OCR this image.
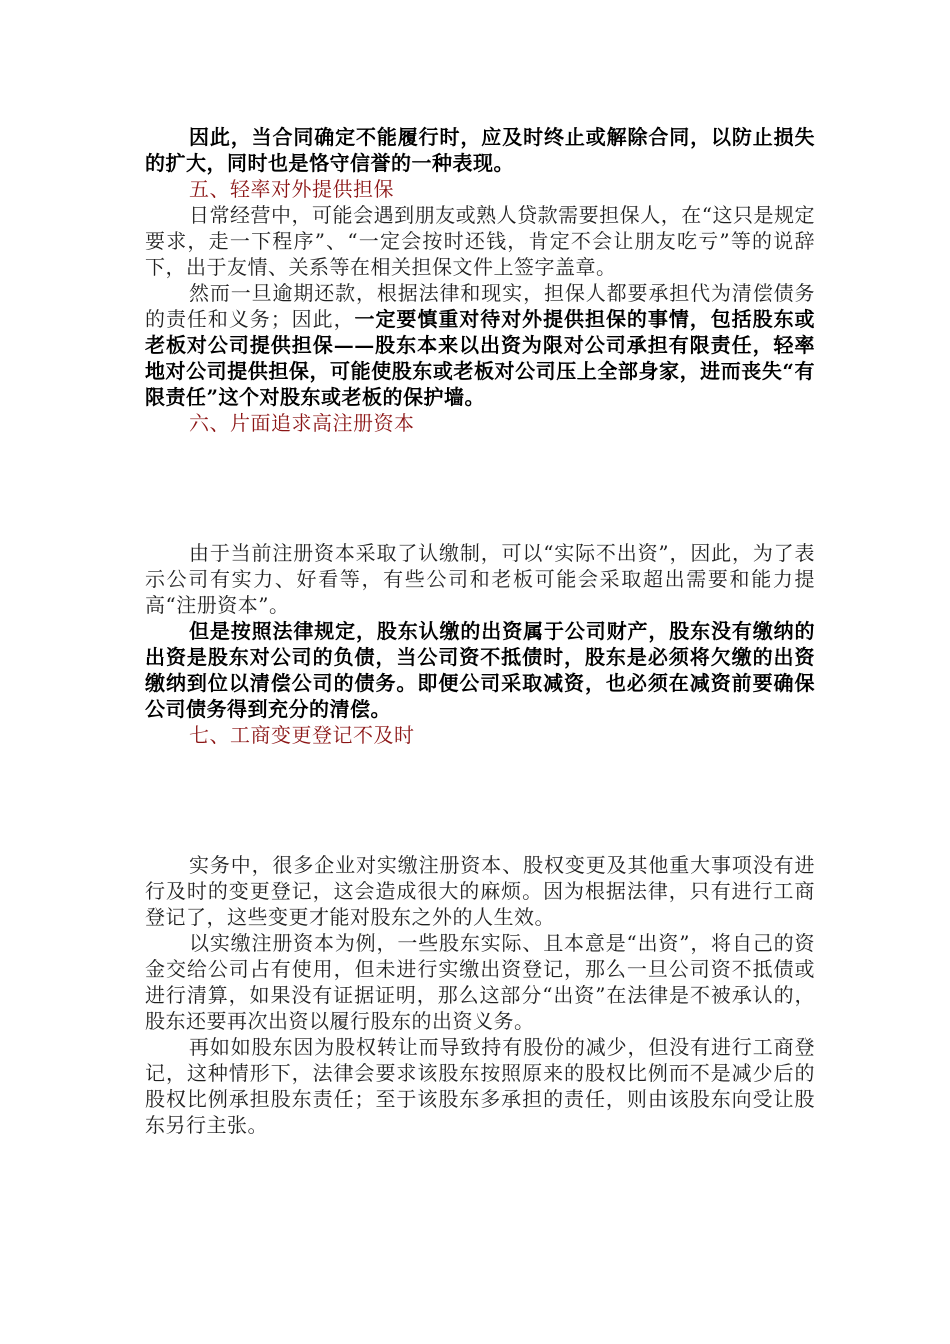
因此，当合同确定不能履行时，应及时终止或解除合同，以防止损失的扩大，同时也是恪守信誉的一种表现。

五、轻率对外提供担保

日常经营中，可能会遇到朋友或熟人贷款需要担保人，在“这只是规定要求，走一下程序”、“一定会按时还钱，肯定不会让朋友吃亏”等的说辞下，出于友情、关系等在相关担保文件上签字盖章。

然而一旦逾期还款，根据法律和现实，担保人都要承担代为清偿债务的责任和义务；因此，一定要慎重对待对外提供担保的事情，包括股东或老板对公司提供担保——股东本来以出资为限对公司承担有限责任，轻率地对公司提供担保，可能使股东或老板对公司压上全部身家，进而丧失“有限责任”这个对股东或老板的保护墙。

六、片面追求高注册资本

由于当前注册资本采取了认缴制，可以“实际不出资”，因此，为了表示公司有实力、好看等，有些公司和老板可能会采取超出需要和能力提高“注册资本”。

但是按照法律规定，股东认缴的出资属于公司财产，股东没有缴纳的出资是股东对公司的负债，当公司资不抵债时，股东是必须将欠缴的出资缴纳到位以清偿公司的债务。即便公司采取减资，也必须在减资前要确保公司债务得到充分的清偿。

七、工商变更登记不及时

实务中，很多企业对实缴注册资本、股权变更及其他重大事项没有进行及时的变更登记，这会造成很大的麻烦。因为根据法律，只有进行工商登记了，这些变更才能对股东之外的人生效。

以实缴注册资本为例，一些股东实际、且本意是“出资”，将自己的资金交给公司占有使用，但未进行实缴出资登记，那么一旦公司资不抵债或进行清算，如果没有证据证明，那么这部分“出资”在法律是不被承认的，股东还要再次出资以履行股东的出资义务。

再如如股东因为股权转让而导致持有股份的减少，但没有进行工商登记，这种情形下，法律会要求该股东按照原来的股权比例而不是减少后的股权比例承担股东责任；至于该股东多承担的责任，则由该股东向受让股东另行主张。
